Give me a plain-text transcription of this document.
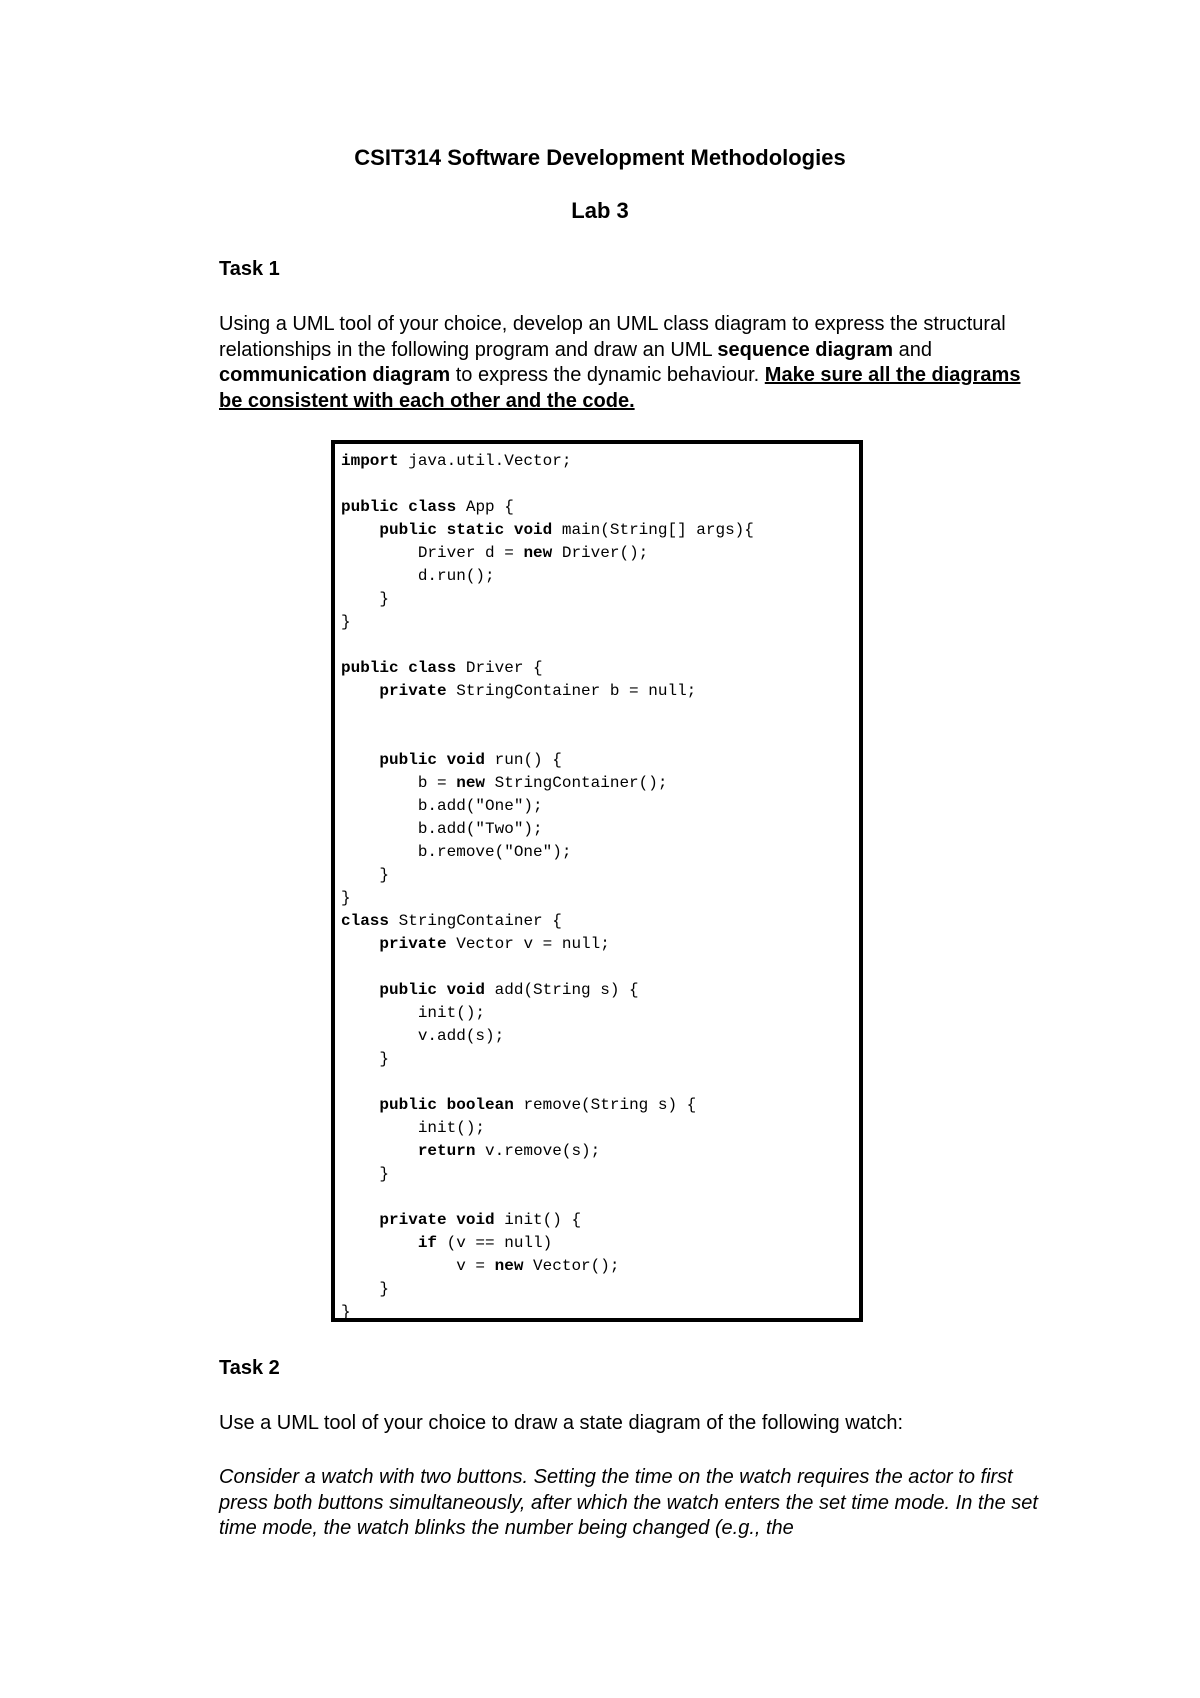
CSIT314 Software Development Methodologies
Lab 3
Task 1
Using a UML tool of your choice, develop an UML class diagram to express the structural relationships in the following program and draw an UML sequence diagram and communication diagram to express the dynamic behaviour. Make sure all the diagrams be consistent with each other and the code.
import java.util.Vector;

public class App {
public static void main(String[] args){
Driver d = new Driver();
d.run();
}
}

public class Driver {
private StringContainer b = null;

public void run() {
b = new StringContainer();
b.add("One");
b.add("Two");
b.remove("One");
}
}
class StringContainer {
private Vector v = null;

public void add(String s) {
init();
v.add(s);
}

public boolean remove(String s) {
init();
return v.remove(s);
}

private void init() {
if (v == null)
v = new Vector();
}
}
Task 2
Use a UML tool of your choice to draw a state diagram of the following watch:
Consider a watch with two buttons. Setting the time on the watch requires the actor to first press both buttons simultaneously, after which the watch enters the set time mode. In the set time mode, the watch blinks the number being changed (e.g., the
